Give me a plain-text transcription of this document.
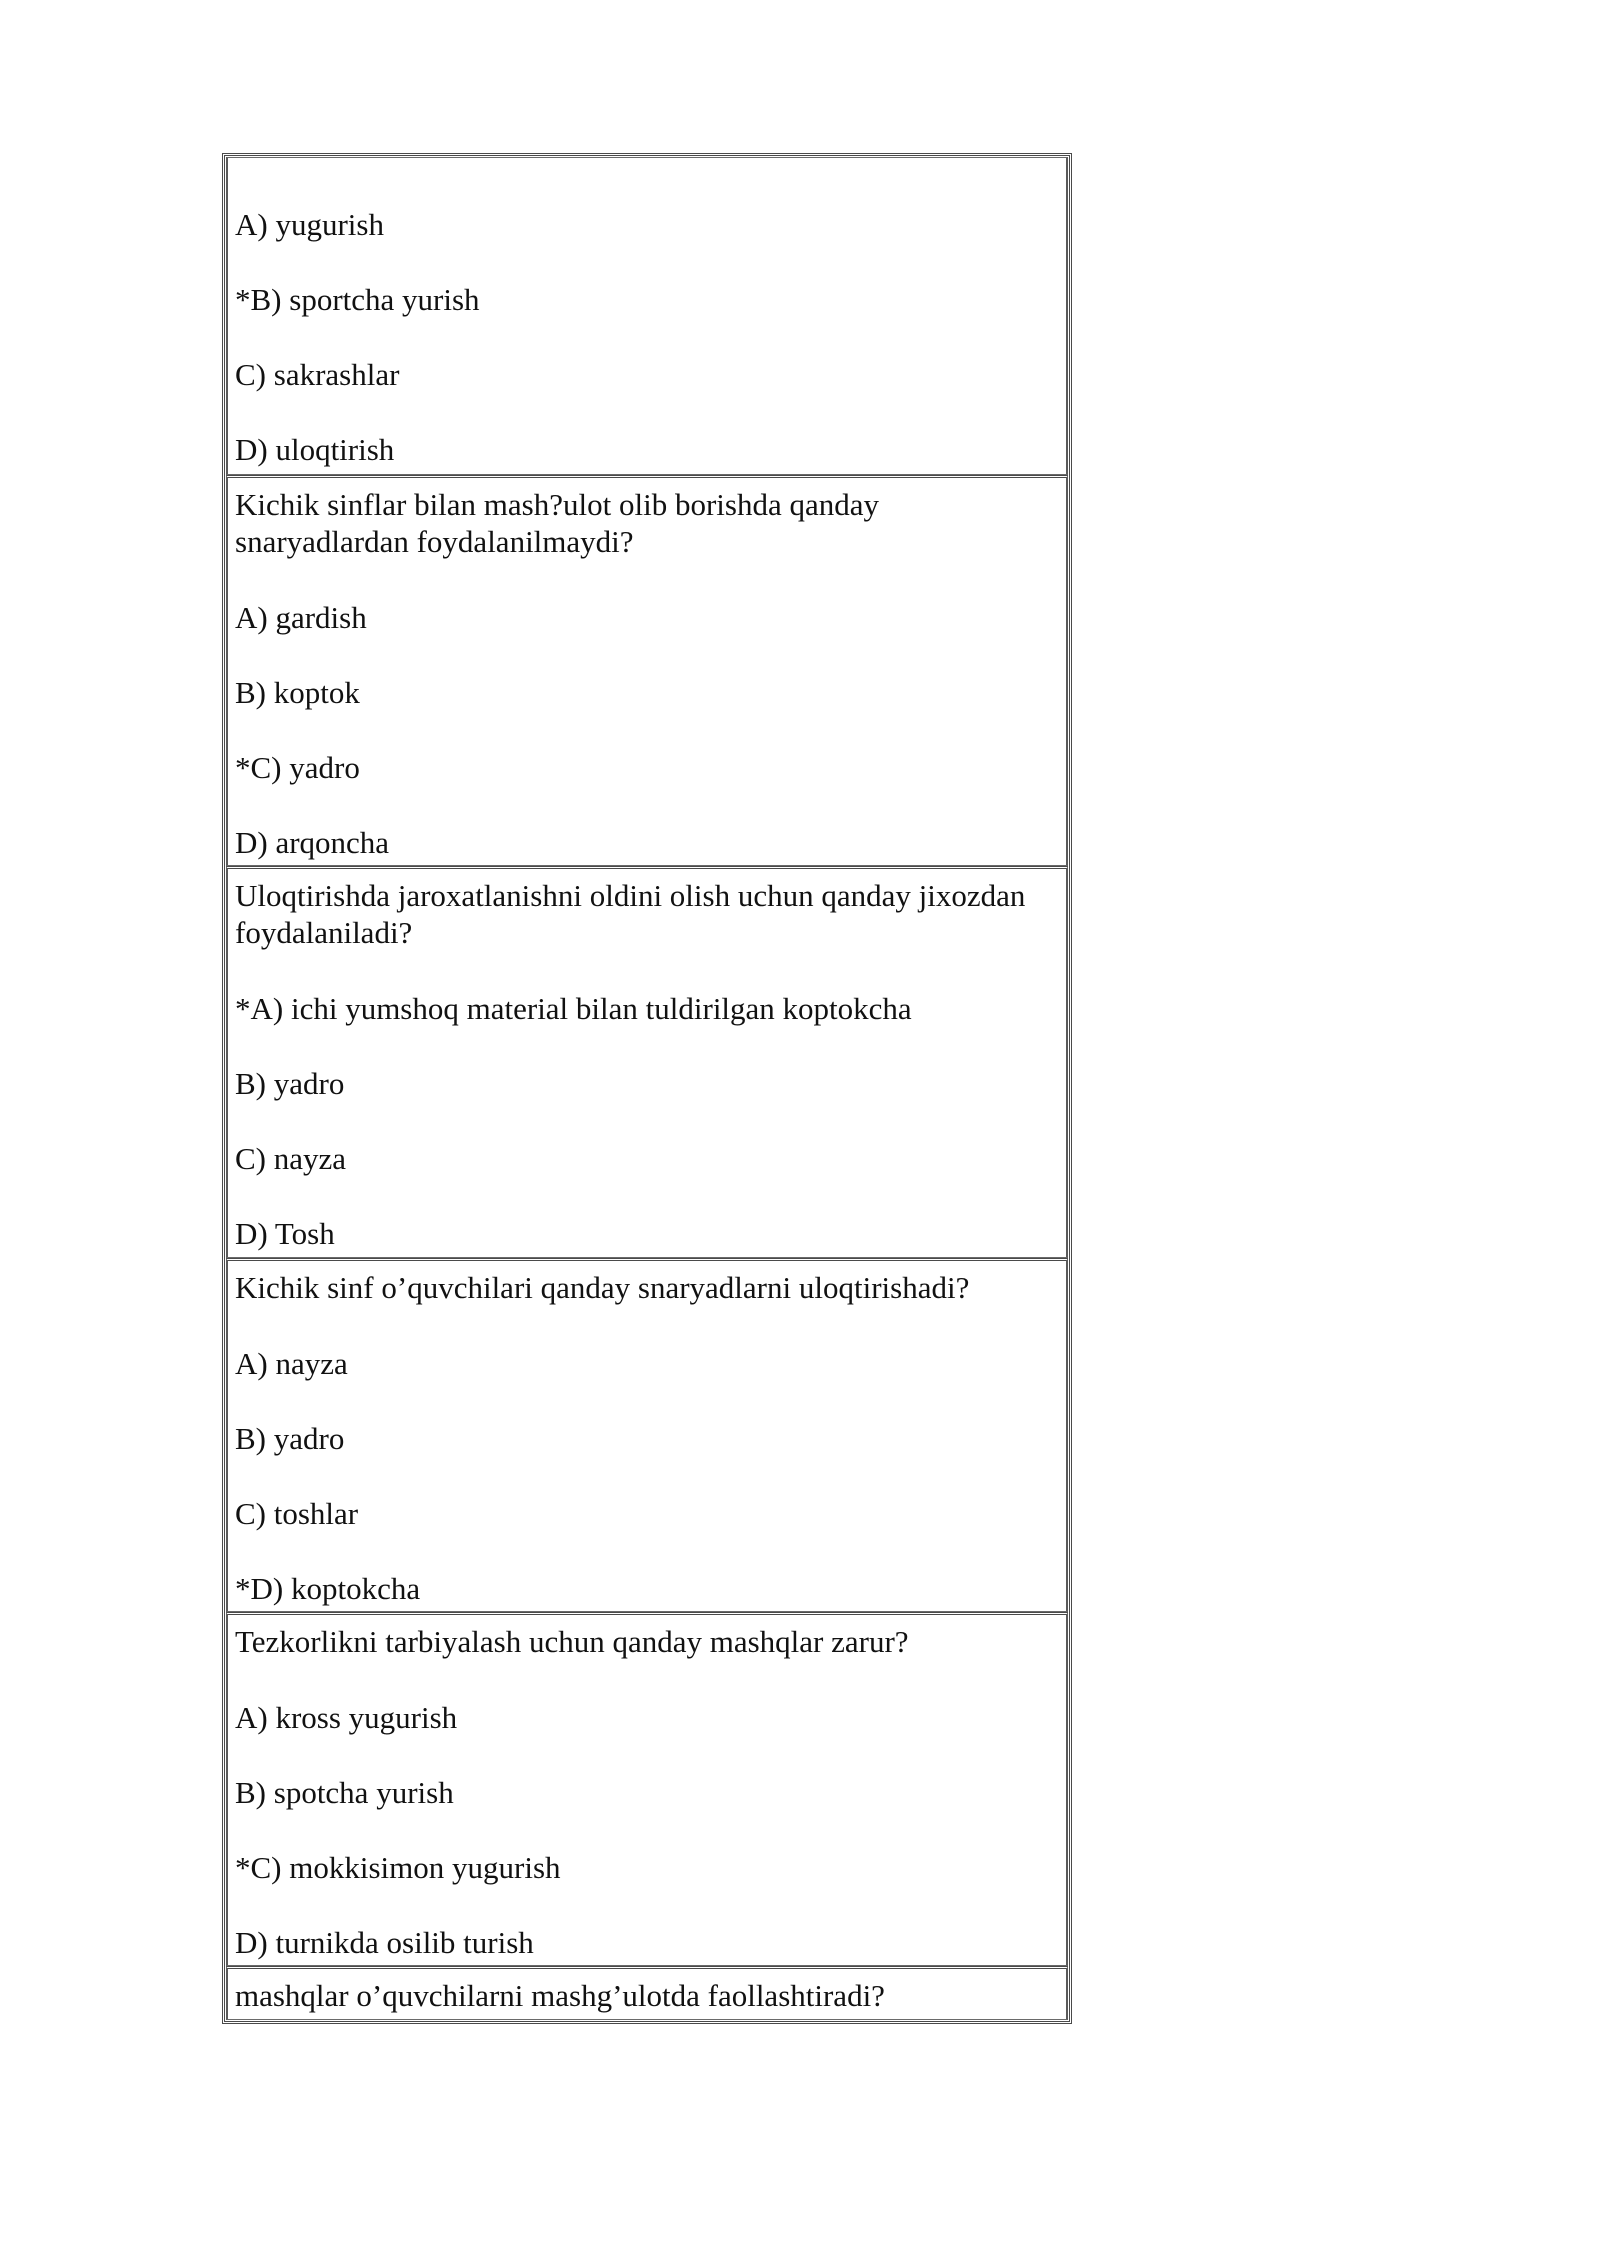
A) yugurish

*B) sportcha yurish

C) sakrashlar

D) uloqtirish

Kichik sinflar bilan mash?ulot olib borishda qanday snaryadlardan foydalanilmaydi?

A) gardish

B) koptok

*C) yadro

D) arqoncha

Uloqtirishda jaroxatlanishni oldini olish uchun qanday jixozdan foydalaniladi?

*A) ichi yumshoq material bilan tuldirilgan koptokcha

B) yadro

C) nayza

D) Tosh

Kichik sinf o’quvchilari qanday snaryadlarni uloqtirishadi?

A) nayza

B) yadro

C) toshlar

*D) koptokcha

Tezkorlikni tarbiyalash uchun qanday mashqlar zarur?

A) kross yugurish

B) spotcha yurish

*C) mokkisimon yugurish

D) turnikda osilib turish

mashqlar o’quvchilarni mashg’ulotda faollashtiradi?
